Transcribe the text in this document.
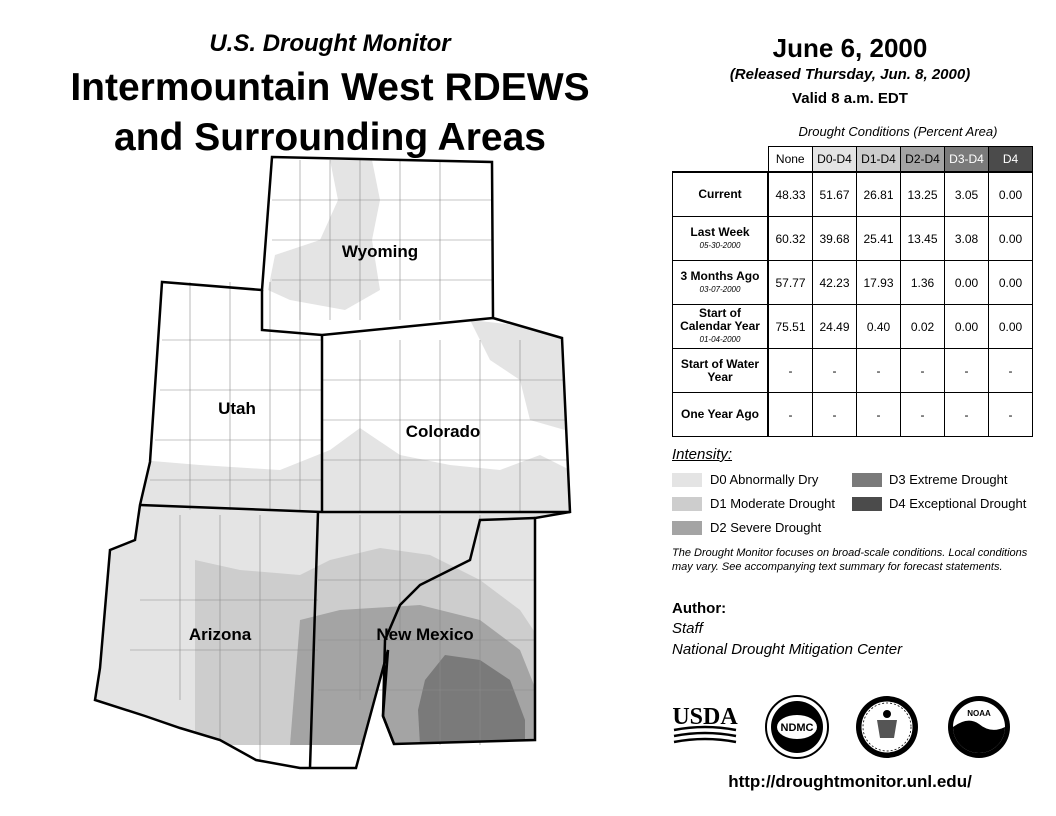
U.S. Drought Monitor
Intermountain West RDEWS
and Surrounding Areas
Wyoming
Utah
Colorado
Arizona	New Mexico
June 6, 2000
(Released Thursday, Jun. 8, 2000)
Valid 8 a.m. EDT
Drought Conditions (Percent Area)
	None	D0-D4	D1-D4	D2-D4	D3-D4	D4
Current	48.33	51.67	26.81	13.25	3.05	0.00
Last Week
05-30-2000	60.32	39.68	25.41	13.45	3.08	0.00
3 Months Ago
03-07-2000	57.77	42.23	17.93	1.36	0.00	0.00
Start of Calendar Year
01-04-2000	75.51	24.49	0.40	0.02	0.00	0.00
Start of Water Year	-	-	-	-	-	-
One Year Ago	-	-	-	-	-	-
Intensity:
D0 Abnormally Dry
D1 Moderate Drought
D2 Severe Drought
D3 Extreme Drought
D4 Exceptional Drought
The Drought Monitor focuses on broad-scale conditions. Local conditions may vary. See accompanying text summary for forecast statements.
Author:
Staff
National Drought Mitigation Center
USDA	NDMC
NOAA
http://droughtmonitor.unl.edu/
